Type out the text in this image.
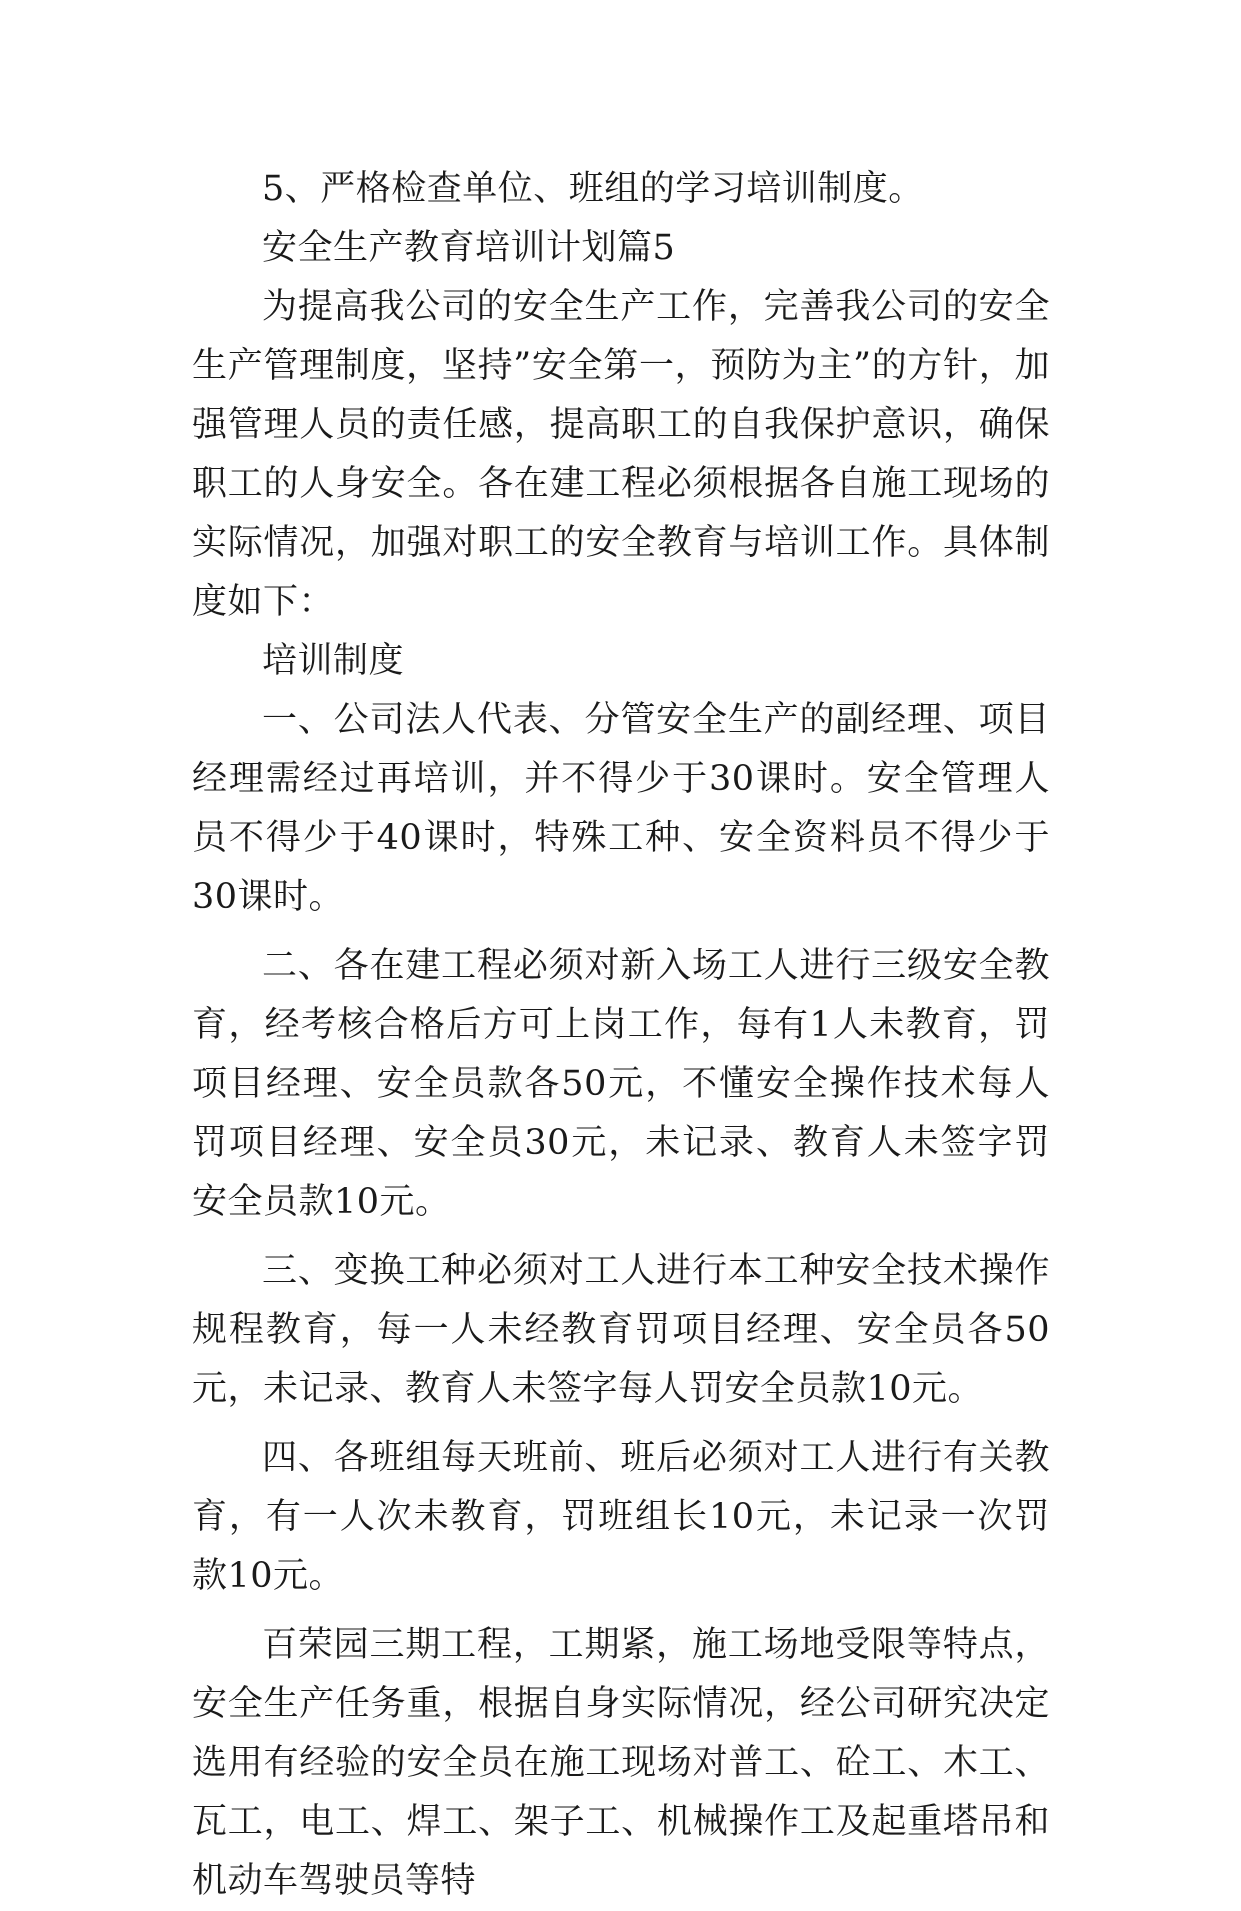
5、严格检查单位、班组的学习培训制度。

安全生产教育培训计划篇5

为提高我公司的安全生产工作，完善我公司的安全生产管理制度，坚持”安全第一，预防为主”的方针，加强管理人员的责任感，提高职工的自我保护意识，确保职工的人身安全。各在建工程必须根据各自施工现场的实际情况，加强对职工的安全教育与培训工作。具体制度如下：

培训制度

一、公司法人代表、分管安全生产的副经理、项目经理需经过再培训，并不得少于30课时。安全管理人员不得少于40课时，特殊工种、安全资料员不得少于30课时。

二、各在建工程必须对新入场工人进行三级安全教育，经考核合格后方可上岗工作，每有1人未教育，罚项目经理、安全员款各50元，不懂安全操作技术每人罚项目经理、安全员30元，未记录、教育人未签字罚安全员款10元。

三、变换工种必须对工人进行本工种安全技术操作规程教育，每一人未经教育罚项目经理、安全员各50元，未记录、教育人未签字每人罚安全员款10元。

四、各班组每天班前、班后必须对工人进行有关教育，有一人次未教育，罚班组长10元，未记录一次罚款10元。

百荣园三期工程，工期紧，施工场地受限等特点，安全生产任务重，根据自身实际情况，经公司研究决定选用有经验的安全员在施工现场对普工、砼工、木工、瓦工，电工、焊工、架子工、机械操作工及起重塔吊和机动车驾驶员等特
